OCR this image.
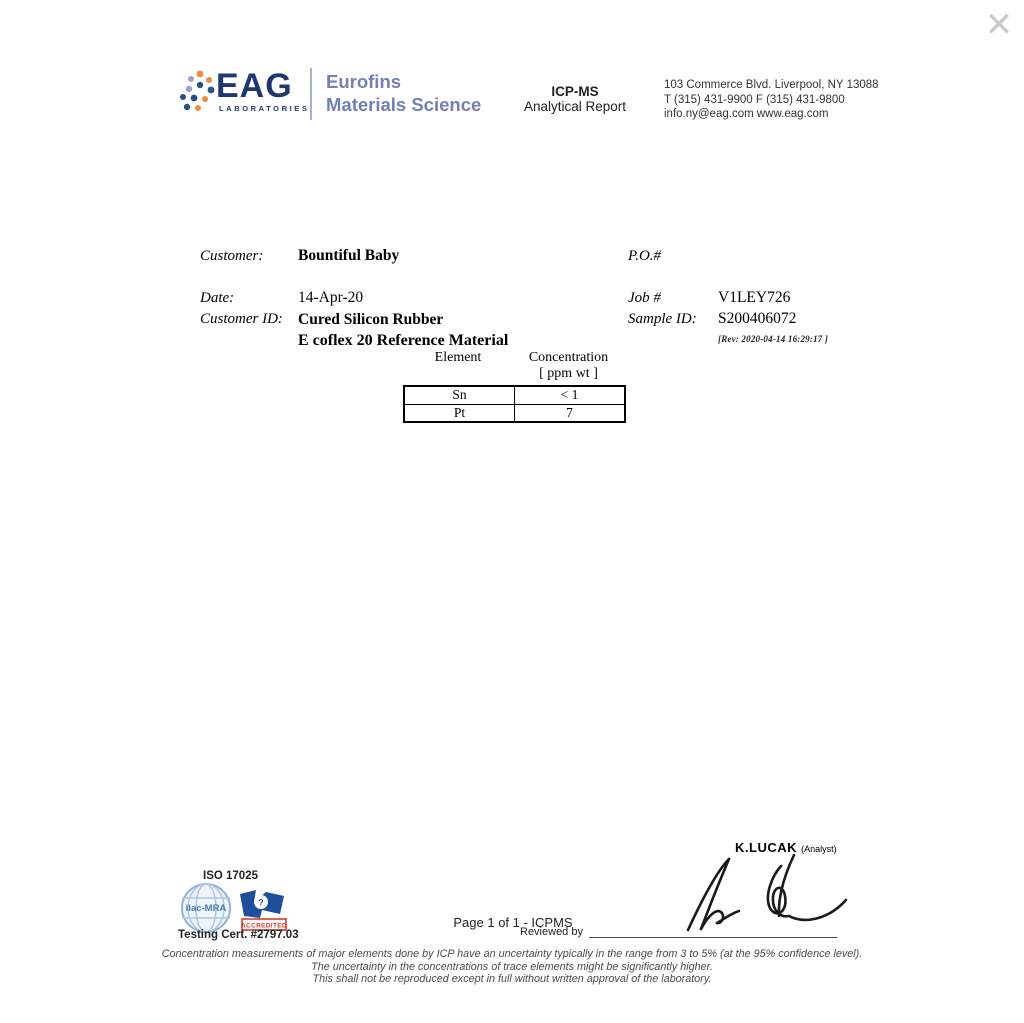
✕
EAG
LABORATORIES
Eurofins
Materials Science
ICP-MS
Analytical Report
103 Commerce Blvd. Liverpool, NY 13088
T (315) 431-9900 F (315) 431-9800
info.ny@eag.com www.eag.com
Customer: Bountiful Baby	P.O.#
Date:	14-Apr-20	Job #	V1LEY726
Customer ID: Cured Silicon Rubber	Sample ID: S200406072
E coflex 20 Reference Material	[Rev: 2020-04-14 16:29:17 ]
Element	Concentration
[ ppm wt ]
Sn	< 1
Pt	7
K.LUCAK (Analyst)
ISO 17025
ilac-MRA
?
ACCREDITED
Testing Cert. #2797.03
Page 1 of 1 - ICPMS
Reviewed by
Concentration measurements of major elements done by ICP have an uncertainty typically in the range from 3 to 5% (at the 95% confidence level).
The uncertainty in the concentrations of trace elements might be significantly higher.
This shall not be reproduced except in full without written approval of the laboratory.
